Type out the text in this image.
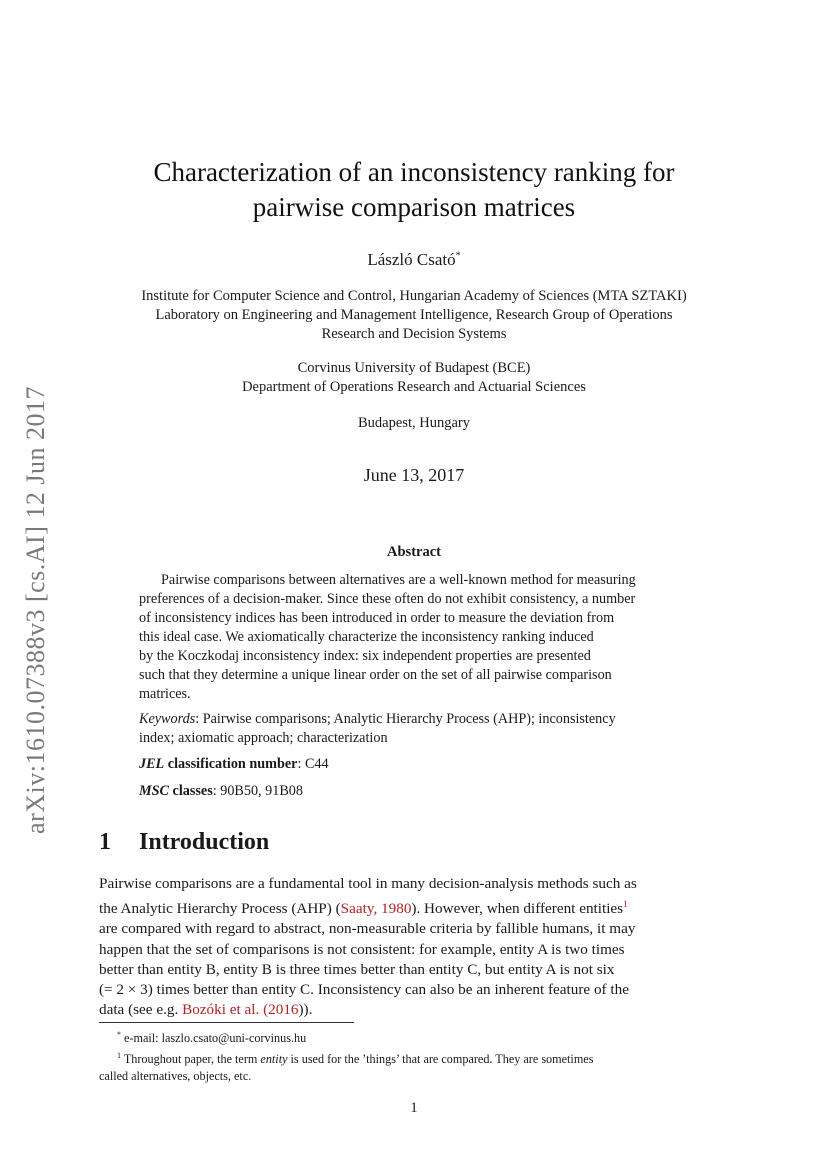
arXiv:1610.07388v3 [cs.AI] 12 Jun 2017
Characterization of an inconsistency ranking for
pairwise comparison matrices
László Csató*
Institute for Computer Science and Control, Hungarian Academy of Sciences (MTA SZTAKI)
Laboratory on Engineering and Management Intelligence, Research Group of Operations
Research and Decision Systems
Corvinus University of Budapest (BCE)
Department of Operations Research and Actuarial Sciences
Budapest, Hungary
June 13, 2017
Abstract
Pairwise comparisons between alternatives are a well-known method for measuring
preferences of a decision-maker. Since these often do not exhibit consistency, a number
of inconsistency indices has been introduced in order to measure the deviation from
this ideal case. We axiomatically characterize the inconsistency ranking induced
by the Koczkodaj inconsistency index: six independent properties are presented
such that they determine a unique linear order on the set of all pairwise comparison
matrices.
Keywords: Pairwise comparisons; Analytic Hierarchy Process (AHP); inconsistency
index; axiomatic approach; characterization
JEL classification number: C44
MSC classes: 90B50, 91B08
1 Introduction
Pairwise comparisons are a fundamental tool in many decision-analysis methods such as
the Analytic Hierarchy Process (AHP) (Saaty, 1980). However, when different entities$^1$
are compared with regard to abstract, non-measurable criteria by fallible humans, it may
happen that the set of comparisons is not consistent: for example, entity A is two times
better than entity B, entity B is three times better than entity C, but entity A is not six
(= 2 × 3) times better than entity C. Inconsistency can also be an inherent feature of the
data (see e.g. Bozóki et al. (2016)).
* e-mail: laszlo.csato@uni-corvinus.hu
$^1$ Throughout paper, the term entity is used for the ’things’ that are compared. They are sometimes
called alternatives, objects, etc.
1
